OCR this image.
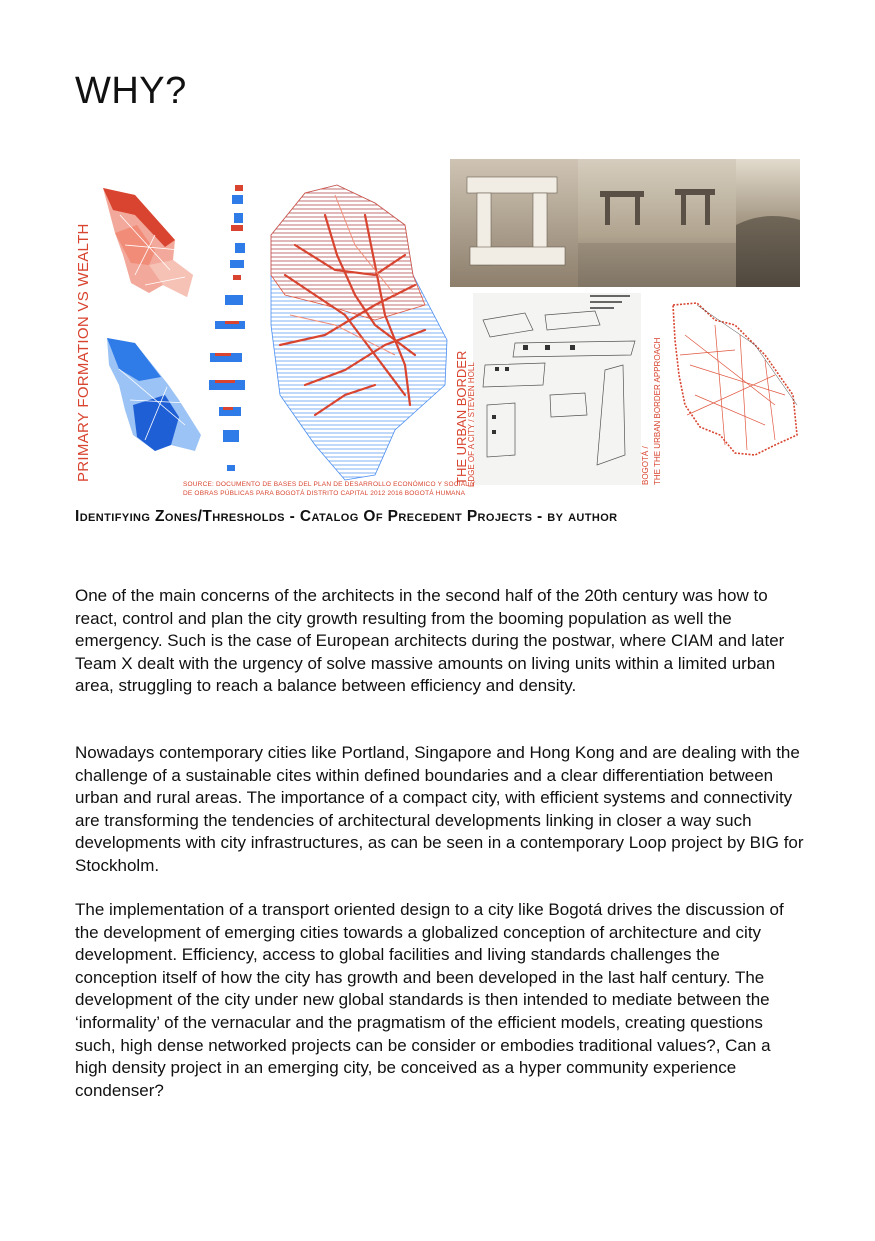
WHY?
PRIMARY FORMATION VS WEALTH
SOURCE: DOCUMENTO DE BASES DEL PLAN DE DESARROLLO ECONÓMICO Y SOCIAL Y
DE OBRAS PÚBLICAS PARA BOGOTÁ DISTRITO CAPITAL 2012 2016 BOGOTÁ HUMANA
THE URBAN BORDER
EDGE OF A CITY / STEVEN HOLL	BOGOTÁ / THE THE URBAN BORDER APPROACH
Identifying Zones/Thresholds - Catalog Of Precedent Projects - by author

One of the main concerns of the architects in the second half of the 20th century was how to react, control and plan the city growth resulting from the booming population as well the emergency. Such is the case of European architects during the postwar, where CIAM and later Team X dealt with the urgency of solve massive amounts on living units within a limited urban area, struggling to reach a balance between efficiency and density.

Nowadays contemporary cities like Portland, Singapore and Hong Kong and are dealing with the challenge of a sustainable cites within defined boundaries and a clear differentiation between urban and rural areas. The importance of a compact city, with efficient systems and connectivity are transforming the tendencies of architectural developments linking in closer a way such developments with city infrastructures, as can be seen in a contemporary Loop project by BIG for Stockholm.

The implementation of a transport oriented design to a city like Bogotá drives the discussion of the development of emerging cities towards a globalized conception of architecture and city development. Efficiency, access to global facilities and living standards challenges the conception itself of how the city has growth and been developed in the last half century. The development of the city under new global standards is then intended to mediate between the ‘informality’ of the vernacular and the pragmatism of the efficient models, creating questions such, high dense networked projects can be consider or embodies traditional values?, Can a high density project in an emerging city, be conceived as a hyper community experience condenser?
